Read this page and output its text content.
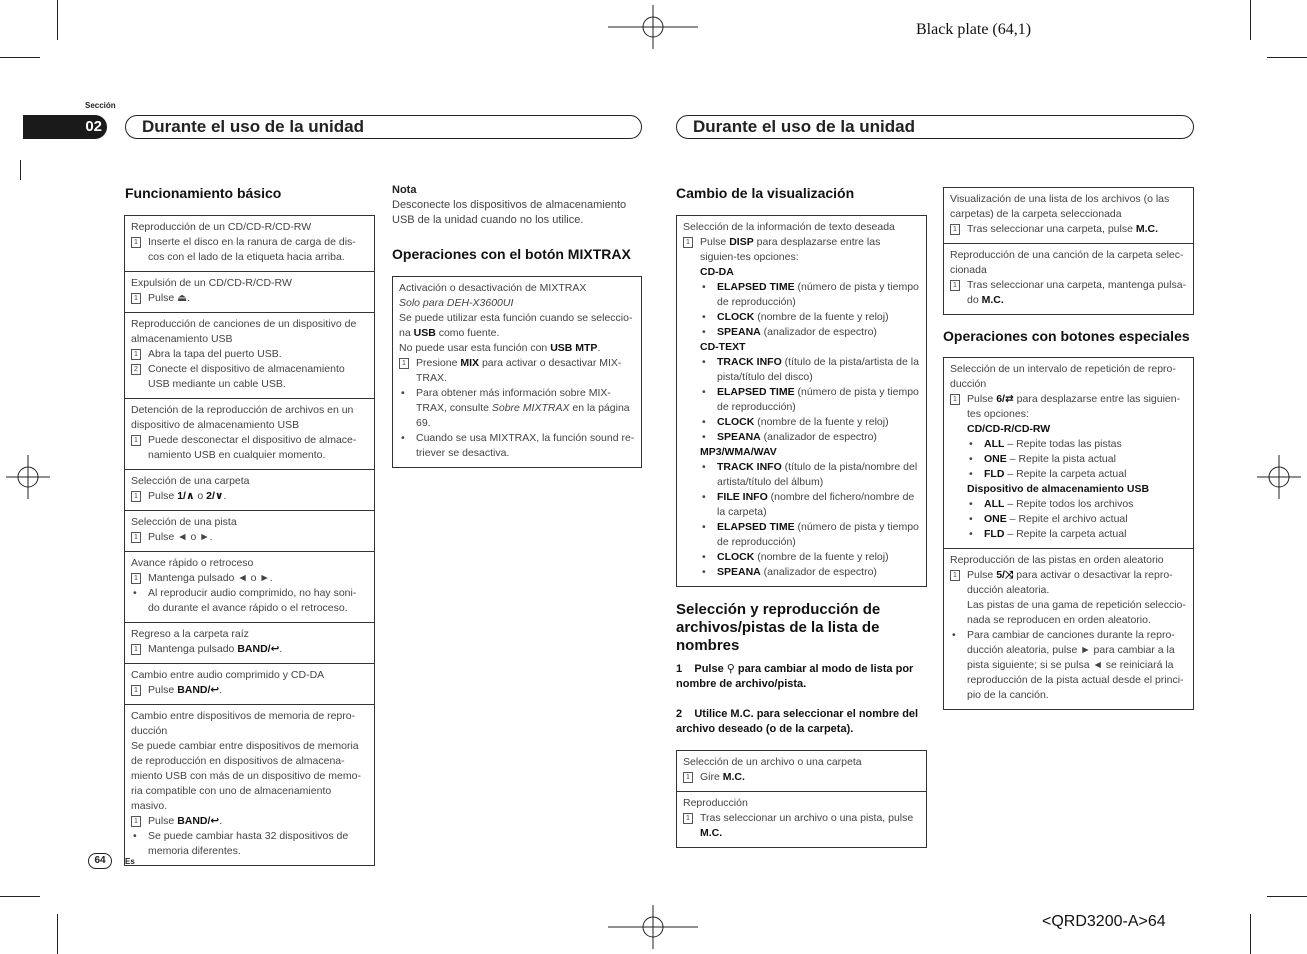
Black plate (64,1)
<QRD3200-A>64
Sección
02	Durante el uso de la unidad	Durante el uso de la unidad
Funcionamiento básico
Reproducción de un CD/CD-R/CD-RW
1 Inserte el disco en la ranura de carga de dis-cos con el lado de la etiqueta hacia arriba.
Expulsión de un CD/CD-R/CD-RW
1 Pulse ⏏.
Reproducción de canciones de un dispositivo de almacenamiento USB
1 Abra la tapa del puerto USB.
2 Conecte el dispositivo de almacenamiento USB mediante un cable USB.
Detención de la reproducción de archivos en un dispositivo de almacenamiento USB
1 Puede desconectar el dispositivo de almace-namiento USB en cualquier momento.
Selección de una carpeta
1 Pulse 1/∧ o 2/∨.
Selección de una pista
1 Pulse ◄ o ►.
Avance rápido o retroceso
1 Mantenga pulsado ◄ o ►.
• Al reproducir audio comprimido, no hay soni-do durante el avance rápido o el retroceso.
Regreso a la carpeta raíz
1 Mantenga pulsado BAND/↩.
Cambio entre audio comprimido y CD-DA
1 Pulse BAND/↩.
Cambio entre dispositivos de memoria de repro-ducción
Se puede cambiar entre dispositivos de memoria de reproducción en dispositivos de almacena-miento USB con más de un dispositivo de memo-ria compatible con uno de almacenamiento masivo.
1 Pulse BAND/↩.
• Se puede cambiar hasta 32 dispositivos de memoria diferentes.
Nota
Desconecte los dispositivos de almacenamiento USB de la unidad cuando no los utilice.
Operaciones con el botón MIXTRAX
Activación o desactivación de MIXTRAX
Solo para DEH-X3600UI
Se puede utilizar esta función cuando se seleccio-na USB como fuente.
No puede usar esta función con USB MTP.
1 Presione MIX para activar o desactivar MIX-TRAX.
• Para obtener más información sobre MIX-TRAX, consulte Sobre MIXTRAX en la página 69.
• Cuando se usa MIXTRAX, la función sound re-triever se desactiva.
Cambio de la visualización
Selección de la información de texto deseada
1 Pulse DISP para desplazarse entre las siguien-tes opciones:
CD-DA
• ELAPSED TIME (número de pista y tiempo de reproducción)
• CLOCK (nombre de la fuente y reloj)
• SPEANA (analizador de espectro)
CD-TEXT
• TRACK INFO (título de la pista/artista de la pista/título del disco)
• ELAPSED TIME (número de pista y tiempo de reproducción)
• CLOCK (nombre de la fuente y reloj)
• SPEANA (analizador de espectro)
MP3/WMA/WAV
• TRACK INFO (título de la pista/nombre del artista/título del álbum)
• FILE INFO (nombre del fichero/nombre de la carpeta)
• ELAPSED TIME (número de pista y tiempo de reproducción)
• CLOCK (nombre de la fuente y reloj)
• SPEANA (analizador de espectro)
Selección y reproducción de archivos/pistas de la lista de nombres
1 Pulse ⚲ para cambiar al modo de lista por nombre de archivo/pista.
2 Utilice M.C. para seleccionar el nombre del archivo deseado (o de la carpeta).
Selección de un archivo o una carpeta
1 Gire M.C.
Reproducción
1 Tras seleccionar un archivo o una pista, pulse M.C.
Visualización de una lista de los archivos (o las carpetas) de la carpeta seleccionada
1 Tras seleccionar una carpeta, pulse M.C.
Reproducción de una canción de la carpeta selec-cionada
1 Tras seleccionar una carpeta, mantenga pulsa-do M.C.
Operaciones con botones especiales
Selección de un intervalo de repetición de repro-ducción
1 Pulse 6/⇄ para desplazarse entre las siguien-tes opciones:
CD/CD-R/CD-RW
• ALL – Repite todas las pistas
• ONE – Repite la pista actual
• FLD – Repite la carpeta actual
Dispositivo de almacenamiento USB
• ALL – Repite todos los archivos
• ONE – Repite el archivo actual
• FLD – Repite la carpeta actual
Reproducción de las pistas en orden aleatorio
1 Pulse 5/⤨ para activar o desactivar la repro-ducción aleatoria.
Las pistas de una gama de repetición seleccio-nada se reproducen en orden aleatorio.
• Para cambiar de canciones durante la repro-ducción aleatoria, pulse ► para cambiar a la pista siguiente; si se pulsa ◄ se reiniciará la reproducción de la pista actual desde el princi-pio de la canción.
64	Es
